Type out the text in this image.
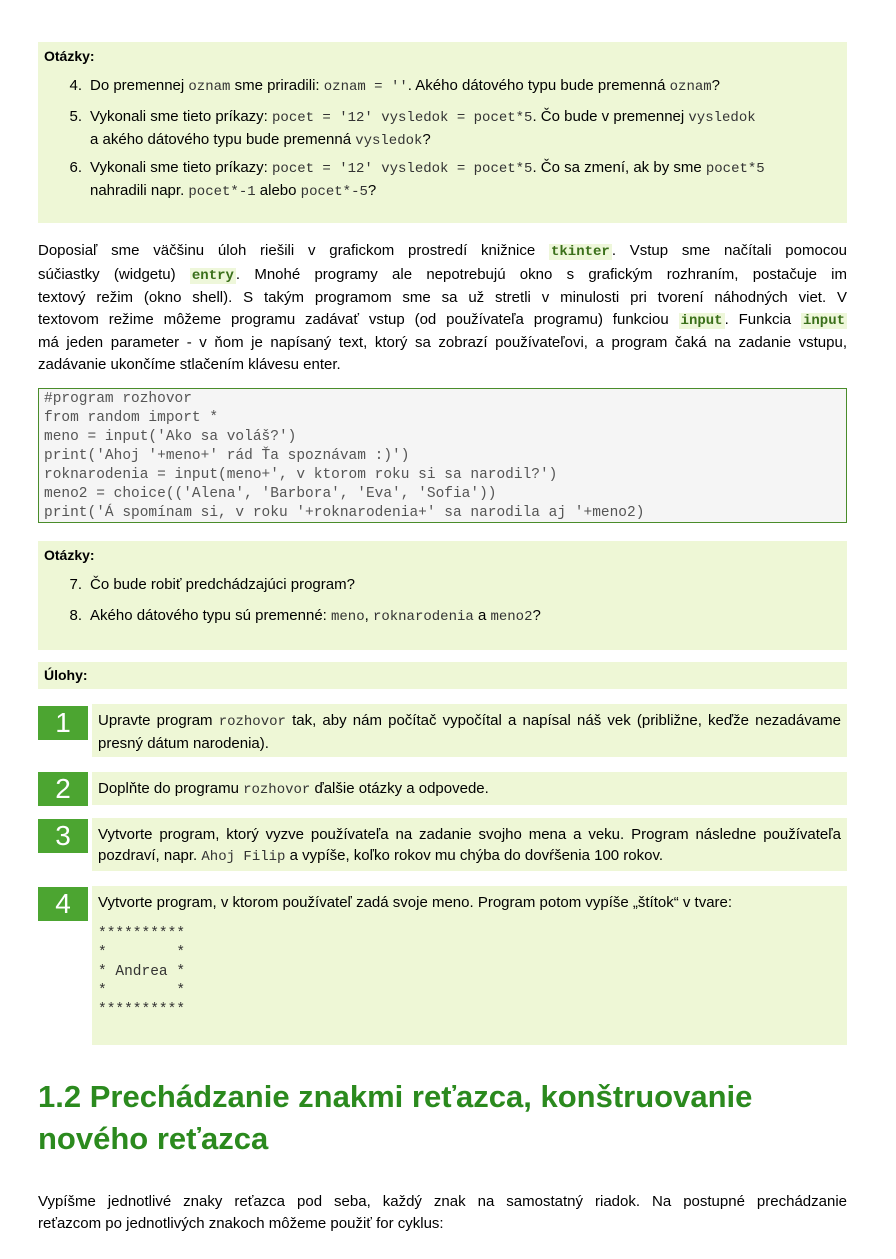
Otázky:
4. Do premennej oznam sme priradili: oznam = ''. Akého dátového typu bude premenná oznam?
5. Vykonali sme tieto príkazy: pocet = '12' vysledok = pocet*5. Čo bude v premennej vysledok
a akého dátového typu bude premenná vysledok?
6. Vykonali sme tieto príkazy: pocet = '12' vysledok = pocet*5. Čo sa zmení, ak by sme pocet*5
nahradili napr. pocet*-1 alebo pocet*-5?
Doposiaľ sme väčšinu úloh riešili v grafickom prostredí knižnice tkinter . Vstup sme načítali pomocou
súčiastky (widgetu) entry . Mnohé programy ale nepotrebujú okno s grafickým rozhraním, postačuje im
textový režim (okno shell). S takým programom sme sa už stretli v minulosti pri tvorení náhodných viet. V
textovom režime môžeme programu zadávať vstup (od používateľa programu) funkciou input . Funkcia input
má jeden parameter - v ňom je napísaný text, ktorý sa zobrazí používateľovi, a program čaká na zadanie vstupu,
zadávanie ukončíme stlačením klávesu enter.
#program rozhovor
from random import *
meno = input('Ako sa voláš?')
print('Ahoj '+meno+' rád Ťa spoznávam :)')
roknarodenia = input(meno+', v ktorom roku si sa narodil?')
meno2 = choice(('Alena', 'Barbora', 'Eva', 'Sofia'))
print('Á spomínam si, v roku '+roknarodenia+' sa narodila aj '+meno2)
Otázky:
7. Čo bude robiť predchádzajúci program?
8. Akého dátového typu sú premenné: meno, roknarodenia a meno2?
Úlohy:
1	Upravte program rozhovor tak, aby nám počítač vypočítal a napísal náš vek (približne, keďže nezadávame presný dátum narodenia).
2	Doplňte do programu rozhovor ďalšie otázky a odpovede.
3	Vytvorte program, ktorý vyzve používateľa na zadanie svojho mena a veku. Program následne používateľa pozdraví, napr. Ahoj Filip a vypíše, koľko rokov mu chýba do dovŕšenia 100 rokov.
4	Vytvorte program, v ktorom používateľ zadá svoje meno. Program potom vypíše „štítok“ v tvare:
**********
*        *
* Andrea *
*        *
**********
1.2 Prechádzanie znakmi reťazca, konštruovanie
nového reťazca
Vypíšme jednotlivé znaky reťazca pod seba, každý znak na samostatný riadok. Na postupné prechádzanie
reťazcom po jednotlivých znakoch môžeme použiť for cyklus:
